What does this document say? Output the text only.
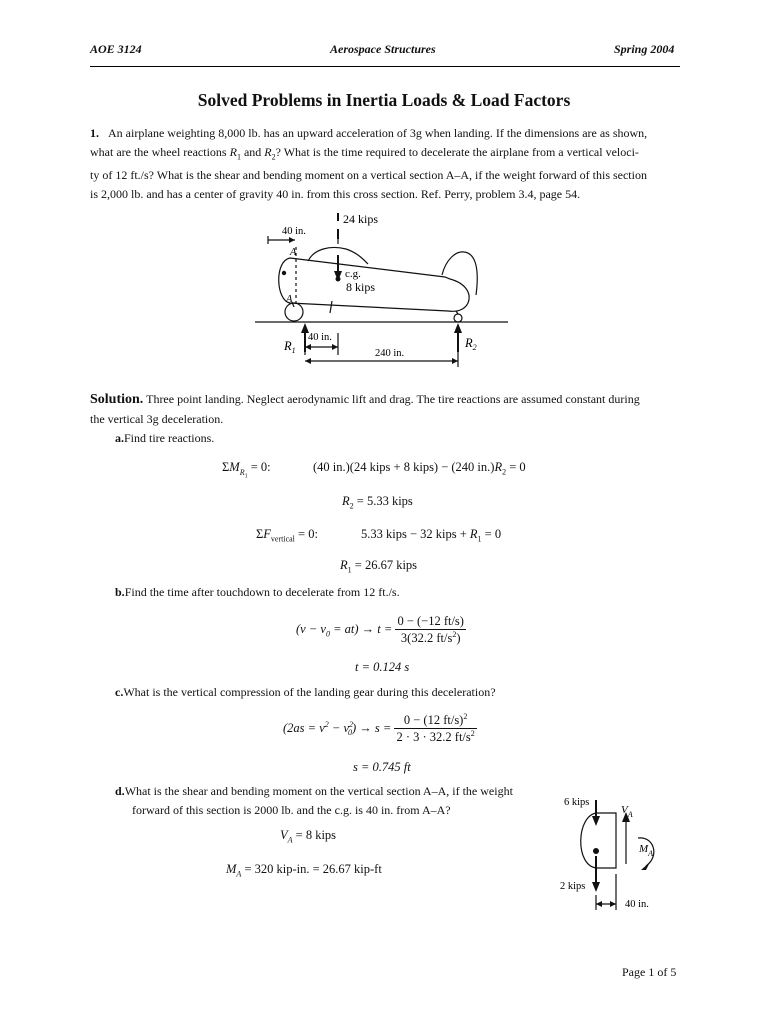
AOE 3124	Aerospace Structures	Spring 2004
Solved Problems in Inertia Loads & Load Factors
1. An airplane weighting 8,000 lb. has an upward acceleration of 3g when landing. If the dimensions are as shown,
what are the wheel reactions $R_1$ and $R_2$? What is the time required to decelerate the airplane from a vertical veloci-
ty of 12 ft./s? What is the shear and bending moment on a vertical section A–A, if the weight forward of this section
is 2,000 lb. and has a center of gravity 40 in. from this cross section. Ref. Perry, problem 3.4, page 54.
24 kips
40 in.
A
A
c.g.
8 kips
40 in.
240 in.
$R_1$
$R_2$
Solution. Three point landing. Neglect aerodynamic lift and drag. The tire reactions are assumed constant during
the vertical 3g deceleration.
a.Find tire reactions.
$\Sigma M_{R_1} = 0$:	(40 in.)(24 kips + 8 kips) − (240 $in.)R_2 = 0$
$R_2 = 5.33$ kips
$\Sigma F_{vertical} = 0$:	5.33 kips − 32 kips + $R_1 = 0$
$R_1 = 26.67$ kips
b.Find the time after touchdown to decelerate from 12 ft./s.
$(v - v_0 = at) \to t = \frac{0 - (-12 ft/s)}{3(32.2 ft/s^2)}$
t = 0.124 s
c.What is the vertical compression of the landing gear during this deceleration?
$(2as = v^2 - v^2_0) \to s = \frac{0 - (12 ft/s)^2}{2 \cdot 3 \cdot 32.2 ft/s^2}$
s = 0.745 ft
d.What is the shear and bending moment on the vertical section A–A, if the weight
forward of this section is 2000 lb. and the c.g. is 40 in. from A–A?
$V_A = 8$ kips
$M_A = 320$ kip-in. = 26.67 kip-ft
6 kips
2 kips
$V_A$
$M_A$
40 in.
Page 1 of 5
